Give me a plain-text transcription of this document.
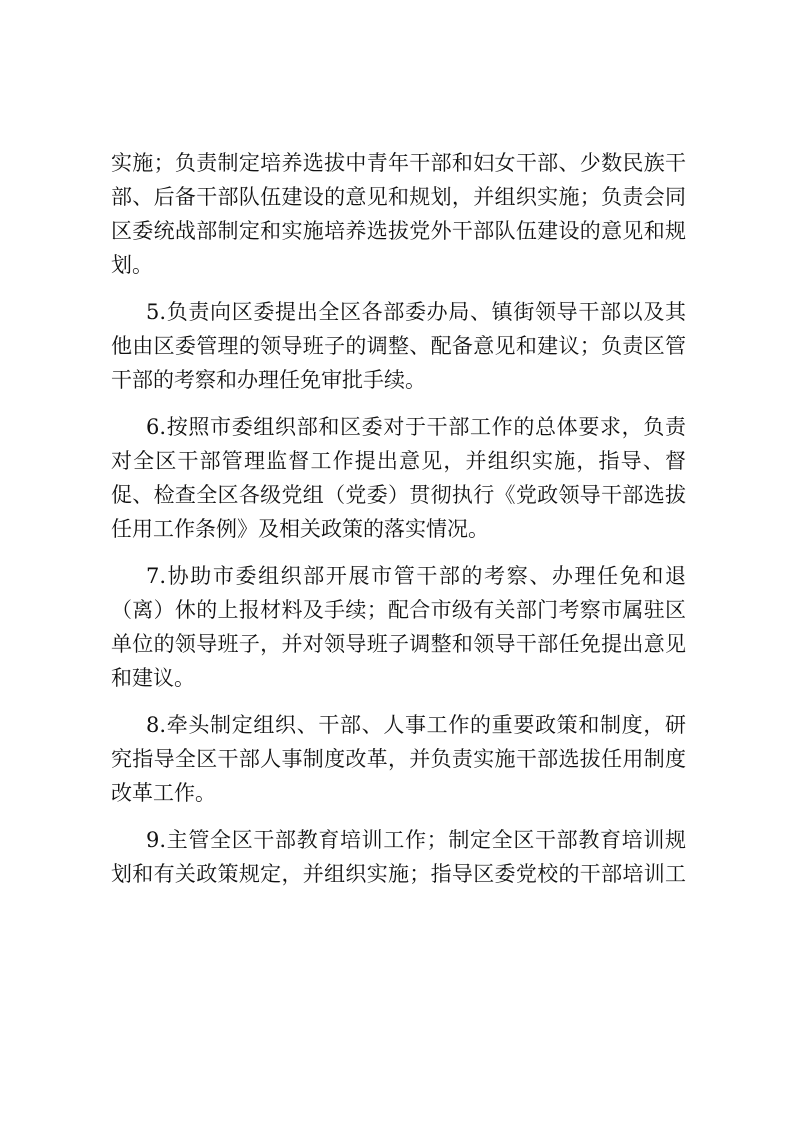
实施；负责制定培养选拔中青年干部和妇女干部、少数民族干
部、后备干部队伍建设的意见和规划，并组织实施；负责会同
区委统战部制定和实施培养选拔党外干部队伍建设的意见和规
划。
5.负责向区委提出全区各部委办局、镇街领导干部以及其
他由区委管理的领导班子的调整、配备意见和建议；负责区管
干部的考察和办理任免审批手续。
6.按照市委组织部和区委对于干部工作的总体要求，负责
对全区干部管理监督工作提出意见，并组织实施，指导、督
促、检查全区各级党组（党委）贯彻执行《党政领导干部选拔
任用工作条例》及相关政策的落实情况。
7.协助市委组织部开展市管干部的考察、办理任免和退
（离）休的上报材料及手续；配合市级有关部门考察市属驻区
单位的领导班子，并对领导班子调整和领导干部任免提出意见
和建议。
8.牵头制定组织、干部、人事工作的重要政策和制度，研
究指导全区干部人事制度改革，并负责实施干部选拔任用制度
改革工作。
9.主管全区干部教育培训工作；制定全区干部教育培训规
划和有关政策规定，并组织实施；指导区委党校的干部培训工
